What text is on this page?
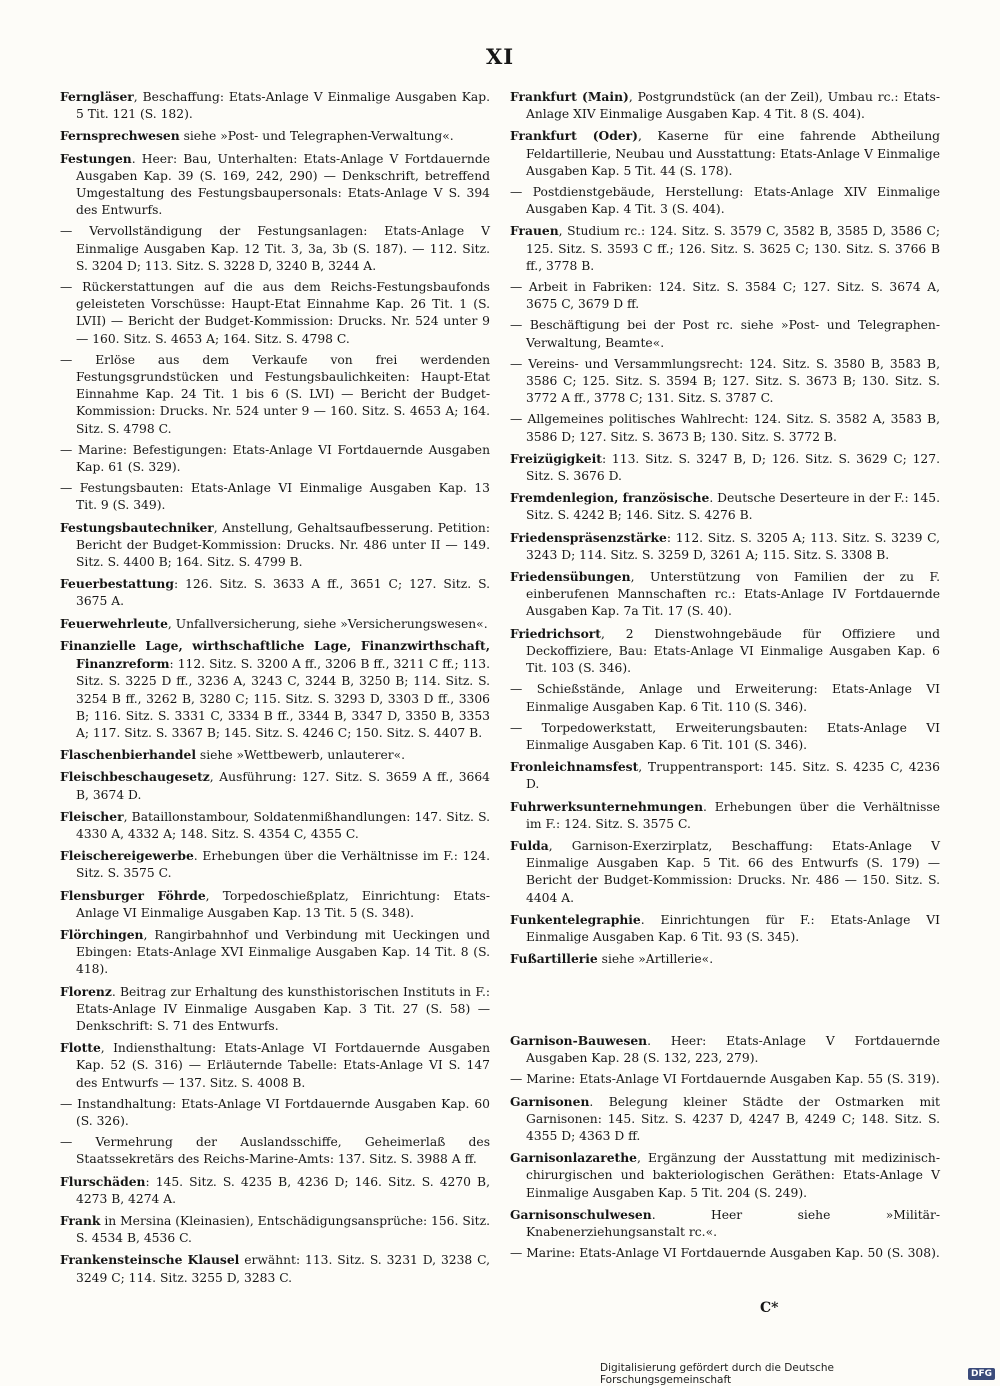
XI

Ferngläser, Beschaffung: Etats-Anlage V Einmalige Ausgaben Kap. 5 Tit. 121 (S. 182).

Fernsprechwesen siehe »Post- und Telegraphen-Verwaltung«.

Festungen. Heer: Bau, Unterhalten: Etats-Anlage V Fortdauernde Ausgaben Kap. 39 (S. 169, 242, 290) — Denkschrift, betreffend Umgestaltung des Festungsbaupersonals: Etats-Anlage V S. 394 des Entwurfs.

— Vervollständigung der Festungsanlagen: Etats-Anlage V Einmalige Ausgaben Kap. 12 Tit. 3, 3a, 3b (S. 187). — 112. Sitz. S. 3204 D; 113. Sitz. S. 3228 D, 3240 B, 3244 A.

— Rückerstattungen auf die aus dem Reichs-Festungsbaufonds geleisteten Vorschüsse: Haupt-Etat Einnahme Kap. 26 Tit. 1 (S. LVII) — Bericht der Budget-Kommission: Drucks. Nr. 524 unter 9 — 160. Sitz. S. 4653 A; 164. Sitz. S. 4798 C.

— Erlöse aus dem Verkaufe von frei werdenden Festungsgrundstücken und Festungsbaulichkeiten: Haupt-Etat Einnahme Kap. 24 Tit. 1 bis 6 (S. LVI) — Bericht der Budget-Kommission: Drucks. Nr. 524 unter 9 — 160. Sitz. S. 4653 A; 164. Sitz. S. 4798 C.

— Marine: Befestigungen: Etats-Anlage VI Fortdauernde Ausgaben Kap. 61 (S. 329).

— Festungsbauten: Etats-Anlage VI Einmalige Ausgaben Kap. 13 Tit. 9 (S. 349).

Festungsbautechniker, Anstellung, Gehaltsaufbesserung. Petition: Bericht der Budget-Kommission: Drucks. Nr. 486 unter II — 149. Sitz. S. 4400 B; 164. Sitz. S. 4799 B.

Feuerbestattung: 126. Sitz. S. 3633 A ff., 3651 C; 127. Sitz. S. 3675 A.

Feuerwehrleute, Unfallversicherung, siehe »Versicherungswesen«.

Finanzielle Lage, wirthschaftliche Lage, Finanzwirthschaft, Finanzreform: 112. Sitz. S. 3200 A ff., 3206 B ff., 3211 C ff.; 113. Sitz. S. 3225 D ff., 3236 A, 3243 C, 3244 B, 3250 B; 114. Sitz. S. 3254 B ff., 3262 B, 3280 C; 115. Sitz. S. 3293 D, 3303 D ff., 3306 B; 116. Sitz. S. 3331 C, 3334 B ff., 3344 B, 3347 D, 3350 B, 3353 A; 117. Sitz. S. 3367 B; 145. Sitz. S. 4246 C; 150. Sitz. S. 4407 B.

Flaschenbierhandel siehe »Wettbewerb, unlauterer«.

Fleischbeschaugesetz, Ausführung: 127. Sitz. S. 3659 A ff., 3664 B, 3674 D.

Fleischer, Bataillonstambour, Soldatenmißhandlungen: 147. Sitz. S. 4330 A, 4332 A; 148. Sitz. S. 4354 C, 4355 C.

Fleischereigewerbe. Erhebungen über die Verhältnisse im F.: 124. Sitz. S. 3575 C.

Flensburger Föhrde, Torpedoschießplatz, Einrichtung: Etats-Anlage VI Einmalige Ausgaben Kap. 13 Tit. 5 (S. 348).

Flörchingen, Rangirbahnhof und Verbindung mit Ueckingen und Ebingen: Etats-Anlage XVI Einmalige Ausgaben Kap. 14 Tit. 8 (S. 418).

Florenz. Beitrag zur Erhaltung des kunsthistorischen Instituts in F.: Etats-Anlage IV Einmalige Ausgaben Kap. 3 Tit. 27 (S. 58) — Denkschrift: S. 71 des Entwurfs.

Flotte, Indiensthaltung: Etats-Anlage VI Fortdauernde Ausgaben Kap. 52 (S. 316) — Erläuternde Tabelle: Etats-Anlage VI S. 147 des Entwurfs — 137. Sitz. S. 4008 B.

— Instandhaltung: Etats-Anlage VI Fortdauernde Ausgaben Kap. 60 (S. 326).

— Vermehrung der Auslandsschiffe, Geheimerlaß des Staatssekretärs des Reichs-Marine-Amts: 137. Sitz. S. 3988 A ff.

Flurschäden: 145. Sitz. S. 4235 B, 4236 D; 146. Sitz. S. 4270 B, 4273 B, 4274 A.

Frank in Mersina (Kleinasien), Entschädigungsansprüche: 156. Sitz. S. 4534 B, 4536 C.

Frankensteinsche Klausel erwähnt: 113. Sitz. S. 3231 D, 3238 C, 3249 C; 114. Sitz. 3255 D, 3283 C.

Frankfurt (Main), Postgrundstück (an der Zeil), Umbau rc.: Etats-Anlage XIV Einmalige Ausgaben Kap. 4 Tit. 8 (S. 404).

Frankfurt (Oder), Kaserne für eine fahrende Abtheilung Feldartillerie, Neubau und Ausstattung: Etats-Anlage V Einmalige Ausgaben Kap. 5 Tit. 44 (S. 178).

— Postdienstgebäude, Herstellung: Etats-Anlage XIV Einmalige Ausgaben Kap. 4 Tit. 3 (S. 404).

Frauen, Studium rc.: 124. Sitz. S. 3579 C, 3582 B, 3585 D, 3586 C; 125. Sitz. S. 3593 C ff.; 126. Sitz. S. 3625 C; 130. Sitz. S. 3766 B ff., 3778 B.

— Arbeit in Fabriken: 124. Sitz. S. 3584 C; 127. Sitz. S. 3674 A, 3675 C, 3679 D ff.

— Beschäftigung bei der Post rc. siehe »Post- und Telegraphen-Verwaltung, Beamte«.

— Vereins- und Versammlungsrecht: 124. Sitz. S. 3580 B, 3583 B, 3586 C; 125. Sitz. S. 3594 B; 127. Sitz. S. 3673 B; 130. Sitz. S. 3772 A ff., 3778 C; 131. Sitz. S. 3787 C.

— Allgemeines politisches Wahlrecht: 124. Sitz. S. 3582 A, 3583 B, 3586 D; 127. Sitz. S. 3673 B; 130. Sitz. S. 3772 B.

Freizügigkeit: 113. Sitz. S. 3247 B, D; 126. Sitz. S. 3629 C; 127. Sitz. S. 3676 D.

Fremdenlegion, französische. Deutsche Deserteure in der F.: 145. Sitz. S. 4242 B; 146. Sitz. S. 4276 B.

Friedenspräsenzstärke: 112. Sitz. S. 3205 A; 113. Sitz. S. 3239 C, 3243 D; 114. Sitz. S. 3259 D, 3261 A; 115. Sitz. S. 3308 B.

Friedensübungen, Unterstützung von Familien der zu F. einberufenen Mannschaften rc.: Etats-Anlage IV Fortdauernde Ausgaben Kap. 7a Tit. 17 (S. 40).

Friedrichsort, 2 Dienstwohngebäude für Offiziere und Deckoffiziere, Bau: Etats-Anlage VI Einmalige Ausgaben Kap. 6 Tit. 103 (S. 346).

— Schießstände, Anlage und Erweiterung: Etats-Anlage VI Einmalige Ausgaben Kap. 6 Tit. 110 (S. 346).

— Torpedowerkstatt, Erweiterungsbauten: Etats-Anlage VI Einmalige Ausgaben Kap. 6 Tit. 101 (S. 346).

Fronleichnamsfest, Truppentransport: 145. Sitz. S. 4235 C, 4236 D.

Fuhrwerksunternehmungen. Erhebungen über die Verhältnisse im F.: 124. Sitz. S. 3575 C.

Fulda, Garnison-Exerzirplatz, Beschaffung: Etats-Anlage V Einmalige Ausgaben Kap. 5 Tit. 66 des Entwurfs (S. 179) — Bericht der Budget-Kommission: Drucks. Nr. 486 — 150. Sitz. S. 4404 A.

Funkentelegraphie. Einrichtungen für F.: Etats-Anlage VI Einmalige Ausgaben Kap. 6 Tit. 93 (S. 345).

Fußartillerie siehe »Artillerie«.

Garnison-Bauwesen. Heer: Etats-Anlage V Fortdauernde Ausgaben Kap. 28 (S. 132, 223, 279).

— Marine: Etats-Anlage VI Fortdauernde Ausgaben Kap. 55 (S. 319).

Garnisonen. Belegung kleiner Städte der Ostmarken mit Garnisonen: 145. Sitz. S. 4237 D, 4247 B, 4249 C; 148. Sitz. S. 4355 D; 4363 D ff.

Garnisonlazarethe, Ergänzung der Ausstattung mit medizinisch-chirurgischen und bakteriologischen Geräthen: Etats-Anlage V Einmalige Ausgaben Kap. 5 Tit. 204 (S. 249).

Garnisonschulwesen. Heer siehe »Militär-Knabenerziehungsanstalt rc.«.

— Marine: Etats-Anlage VI Fortdauernde Ausgaben Kap. 50 (S. 308).

C*
Digitalisierung gefördert durch die Deutsche Forschungsgemeinschaft	DFG
